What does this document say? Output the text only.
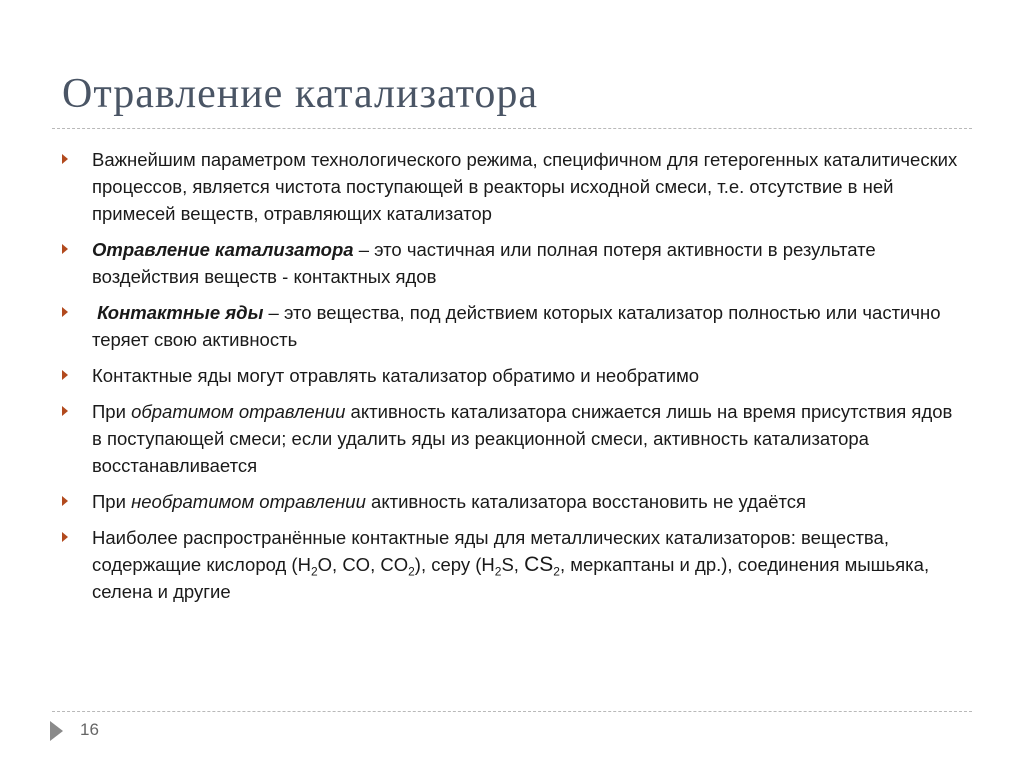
Отравление катализатора
Важнейшим параметром технологического режима, специфичном для гетерогенных каталитических процессов, является чистота поступающей в реакторы исходной смеси, т.е. отсутствие в ней примесей веществ, отравляющих катализатор
Отравление катализатора – это частичная или полная потеря активности в результате воздействия веществ - контактных ядов
Контактные яды – это вещества, под действием которых катализатор полностью или частично теряет свою активность
Контактные яды могут отравлять катализатор обратимо и необратимо
При обратимом отравлении активность катализатора снижается лишь на время присутствия ядов в поступающей смеси; если удалить яды из реакционной смеси, активность катализатора восстанавливается
При необратимом отравлении активность катализатора восстановить не удаётся
Наиболее распространённые контактные яды для металлических катализаторов: вещества, содержащие кислород ($H_2O$, CO, $CO_2$), серу ($H_2S$, $CS_2$, меркаптаны и др.), соединения мышьяка, селена и другие
16
